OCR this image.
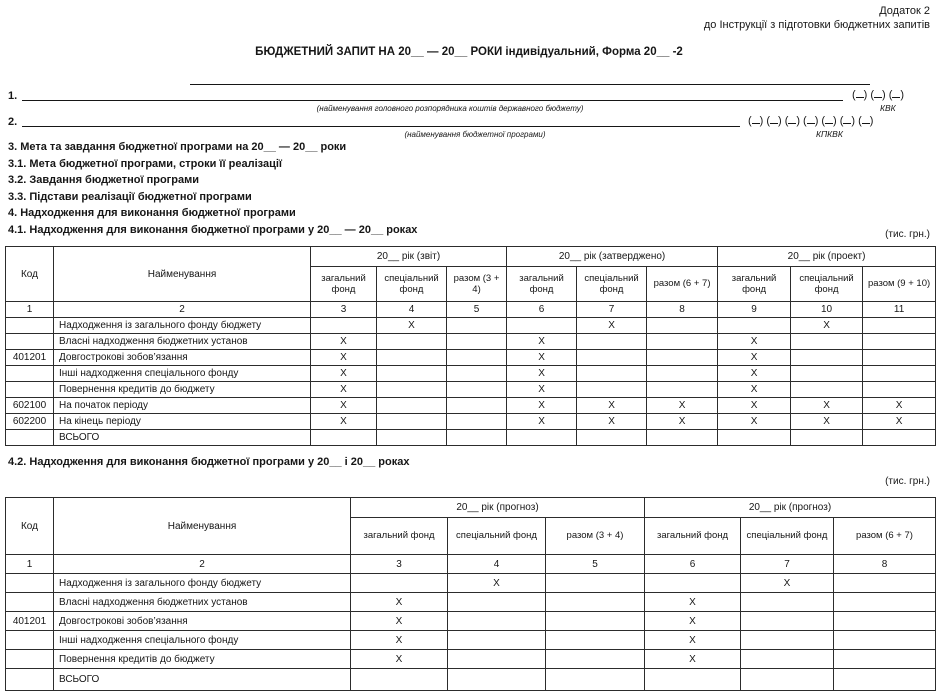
Додаток 2
до Інструкції з підготовки бюджетних запитів
БЮДЖЕТНИЙ ЗАПИТ НА 20__ — 20__ РОКИ індивідуальний, Форма 20__ -2
1.	( ) ( ) ( )
(найменування головного розпорядника коштів державного бюджету)	КВК
2.	( ) ( ) ( ) ( ) ( ) ( ) ( )
(найменування бюджетної програми)	КПКВК
3. Мета та завдання бюджетної програми на 20__ — 20__ роки
3.1. Мета бюджетної програми, строки її реалізації
3.2. Завдання бюджетної програми
3.3. Підстави реалізації бюджетної програми
4. Надходження для виконання бюджетної програми
4.1. Надходження для виконання бюджетної програми у 20__ — 20__ роках	(тис. грн.)
Код	Найменування	20__ рік (звіт)			20__ рік (затверджено)			20__ рік (проект)		
		загальний фонд	спеціальний фонд	разом (3 + 4)	загальний фонд	спеціальний фонд	разом (6 + 7)	загальний фонд	спеціальний фонд	разом (9 + 10)
1	2	3	4	5	6	7	8	9	10	11
	Надходження із загального фонду бюджету		X			X			X	
	Власні надходження бюджетних установ	X			X			X		
401201	Довгострокові зобов’язання	X			X			X		
	Інші надходження спеціального фонду	X			X			X		
	Повернення кредитів до бюджету	X			X			X		
602100	На початок періоду	X			X	X	X	X	X	X
602200	На кінець періоду	X			X	X	X	X	X	X
	ВСЬОГО									
4.2. Надходження для виконання бюджетної програми у 20__ і 20__ роках
(тис. грн.)
Код	Найменування	20__ рік (прогноз)			20__ рік (прогноз)		
		загальний фонд	спеціальний фонд	разом (3 + 4)	загальний фонд	спеціальний фонд	разом (6 + 7)
1	2	3	4	5	6	7	8
	Надходження із загального фонду бюджету		X			X	
	Власні надходження бюджетних установ	X			X		
401201	Довгострокові зобов’язання	X			X		
	Інші надходження спеціального фонду	X			X		
	Повернення кредитів до бюджету	X			X		
	ВСЬОГО						
